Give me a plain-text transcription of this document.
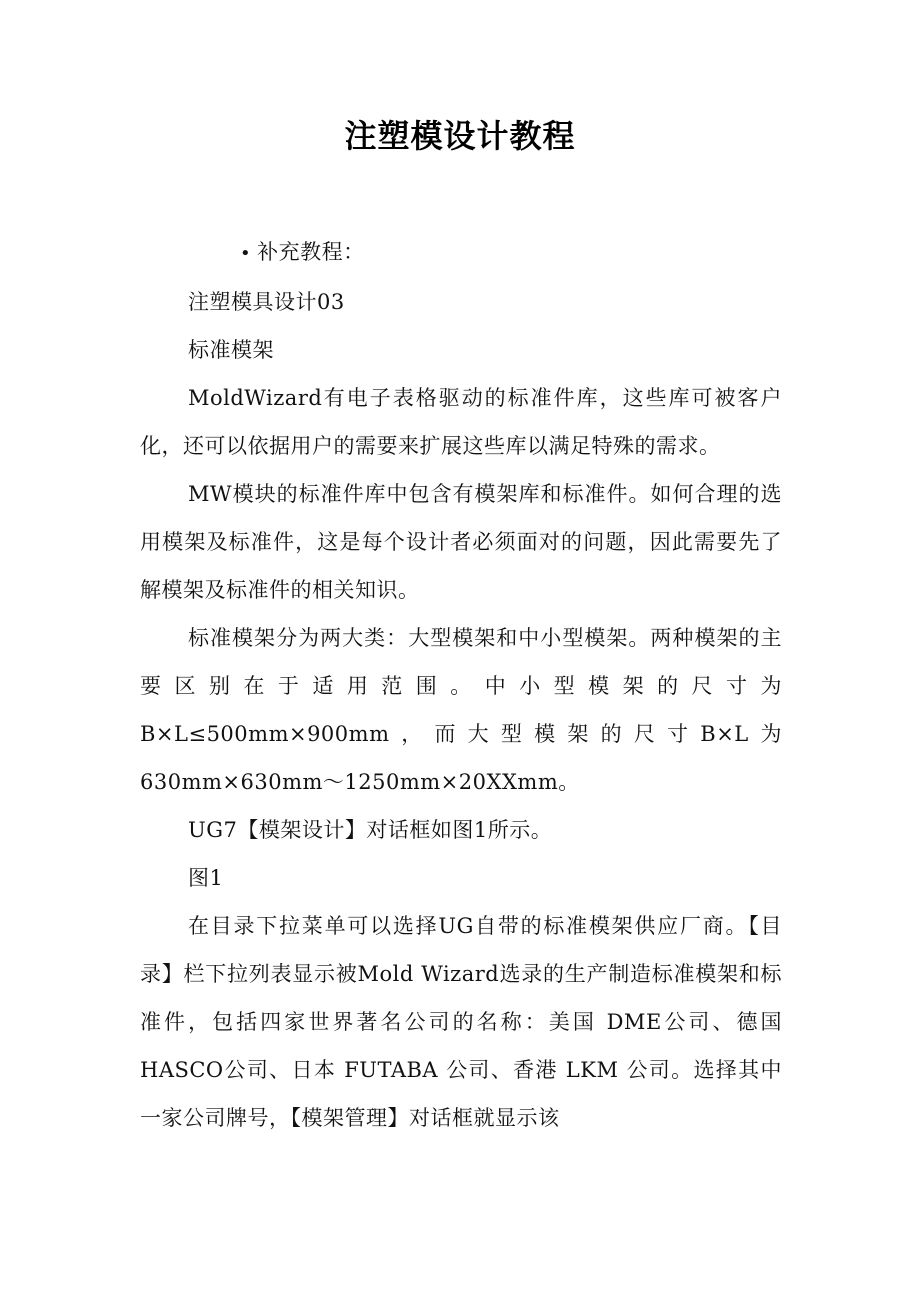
注塑模设计教程

• 补充教程：

注塑模具设计03

标准模架

MoldWizard有电子表格驱动的标准件库，这些库可被客户化，还可以依据用户的需要来扩展这些库以满足特殊的需求。

MW模块的标准件库中包含有模架库和标准件。如何合理的选用模架及标准件，这是每个设计者必须面对的问题，因此需要先了解模架及标准件的相关知识。

标准模架分为两大类：大型模架和中小型模架。两种模架的主要区别在于适用范围。中小型模架的尺寸为B×L≤500mm×900mm，而大型模架的尺寸B×L为630mm×630mm～1250mm×20XXmm。

UG7【模架设计】对话框如图1所示。

图1

在目录下拉菜单可以选择UG自带的标准模架供应厂商。【目录】栏下拉列表显示被Mold Wizard选录的生产制造标准模架和标准件，包括四家世界著名公司的名称：美国 DME公司、德国 HASCO公司、日本 FUTABA 公司、香港 LKM 公司。选择其中一家公司牌号，【模架管理】对话框就显示该
